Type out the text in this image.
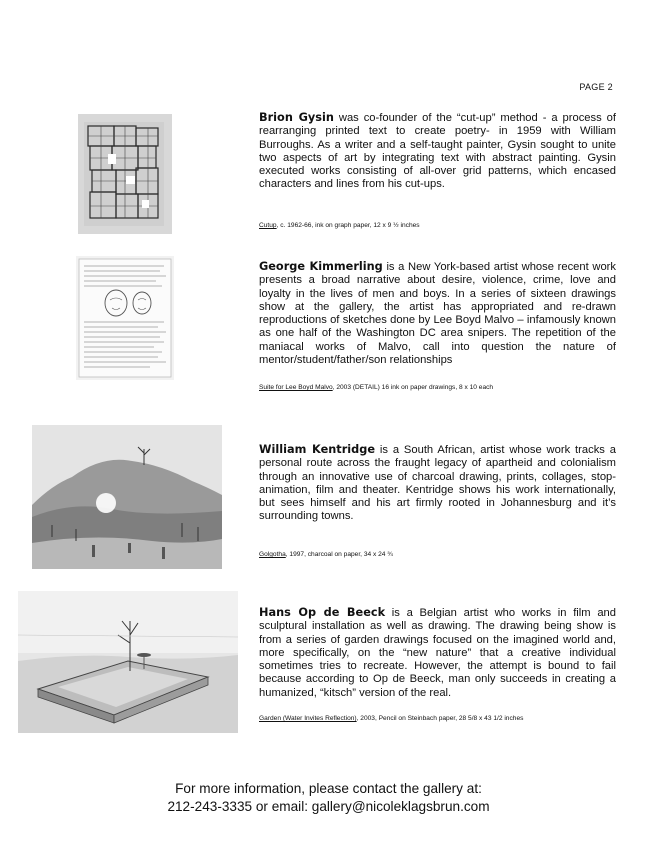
PAGE 2
Brion Gysin was co-founder of the “cut-up” method - a process of rearranging printed text to create poetry- in 1959 with William Burroughs. As a writer and a self-taught painter, Gysin sought to unite two aspects of art by integrating text with abstract painting. Gysin executed works consisting of all-over grid patterns, which encased characters and lines from his cut-ups.
Cutup, c. 1962-66, ink on graph paper, 12 x 9 ½ inches
George Kimmerling is a New York-based artist whose recent work presents a broad narrative about desire, violence, crime, love and loyalty in the lives of men and boys. In a series of sixteen drawings show at the gallery, the artist has appropriated and re-drawn reproductions of sketches done by Lee Boyd Malvo – infamously known as one half of the Washington DC area snipers. The repetition of the maniacal works of Malvo, call into question the nature of mentor/student/father/son relationships
Suite for Lee Boyd Malvo, 2003 (DETAIL) 16 ink on paper drawings, 8 x 10 each
William Kentridge is a South African, artist whose work tracks a personal route across the fraught legacy of apartheid and colonialism through an innovative use of charcoal drawing, prints, collages, stop-animation, film and theater. Kentridge shows his work internationally, but sees himself and his art firmly rooted in Johannesburg and it’s surrounding towns.
Golgotha, 1997, charcoal on paper, 34 x 24 ¾
Hans Op de Beeck is a Belgian artist who works in film and sculptural installation as well as drawing. The drawing being show is from a series of garden drawings focused on the imagined world and, more specifically, on the “new nature” that a creative individual sometimes tries to recreate. However, the attempt is bound to fail because according to Op de Beeck, man only succeeds in creating a humanized, “kitsch” version of the real.
Garden (Water Invites Reflection), 2003, Pencil on Steinbach paper, 28 5/8 x 43 1/2 inches
For more information, please contact the gallery at:
212-243-3335 or email: gallery@nicoleklagsbrun.com
